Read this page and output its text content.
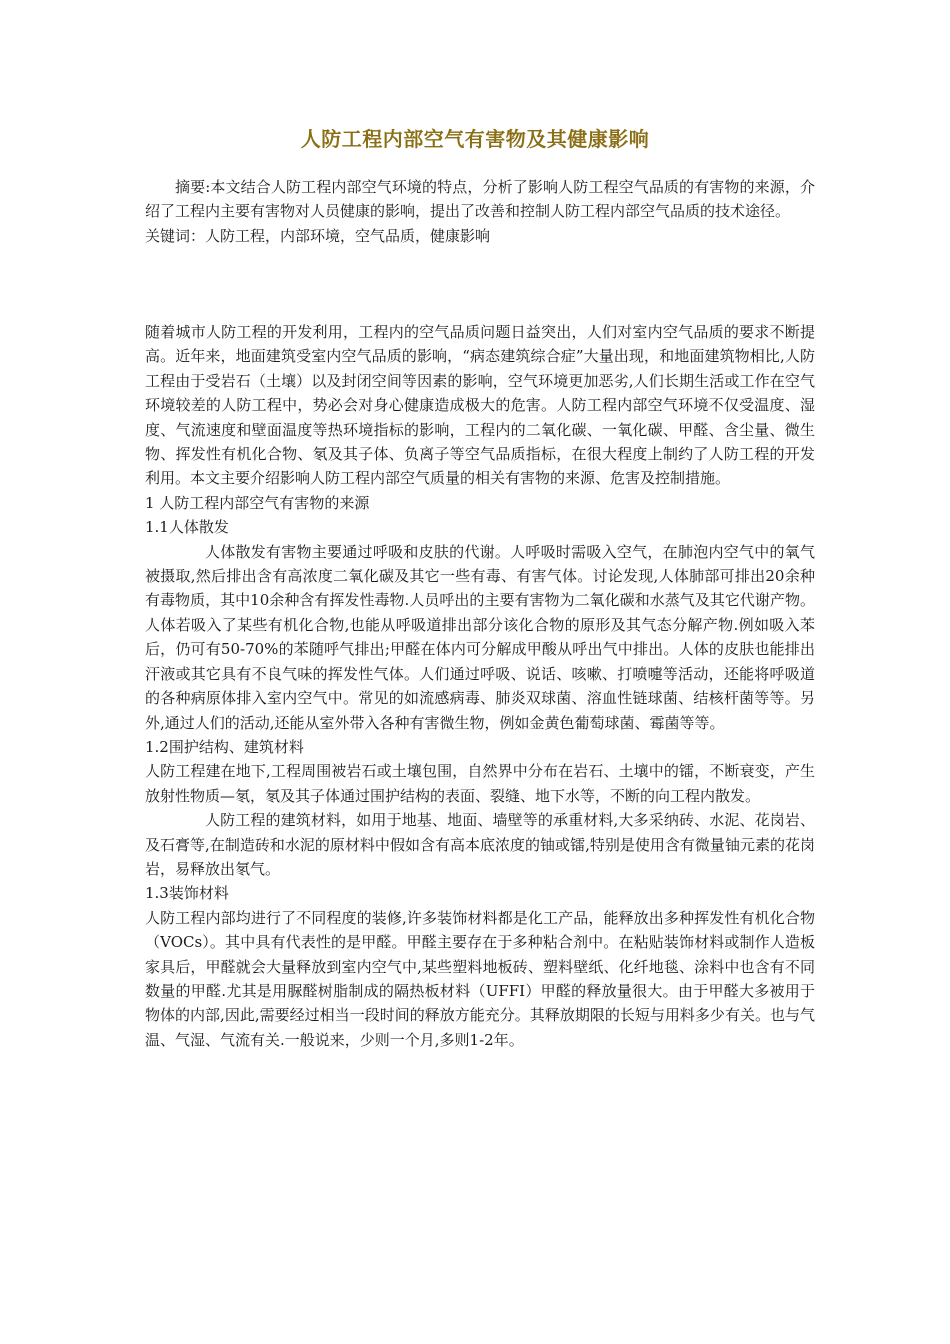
人防工程内部空气有害物及其健康影响

摘要:本文结合人防工程内部空气环境的特点，分析了影响人防工程空气品质的有害物的来源，介绍了工程内主要有害物对人员健康的影响，提出了改善和控制人防工程内部空气品质的技术途径。

关键词：人防工程，内部环境，空气品质，健康影响

随着城市人防工程的开发利用，工程内的空气品质问题日益突出，人们对室内空气品质的要求不断提高。近年来，地面建筑受室内空气品质的影响，“病态建筑综合症”大量出现，和地面建筑物相比,人防工程由于受岩石（土壤）以及封闭空间等因素的影响，空气环境更加恶劣,人们长期生活或工作在空气环境较差的人防工程中，势必会对身心健康造成极大的危害。人防工程内部空气环境不仅受温度、湿度、气流速度和壁面温度等热环境指标的影响，工程内的二氧化碳、一氧化碳、甲醛、含尘量、微生物、挥发性有机化合物、氡及其子体、负离子等空气品质指标，在很大程度上制约了人防工程的开发利用。本文主要介绍影响人防工程内部空气质量的相关有害物的来源、危害及控制措施。

1 人防工程内部空气有害物的来源
1.1人体散发

人体散发有害物主要通过呼吸和皮肤的代谢。人呼吸时需吸入空气，在肺泡内空气中的氧气被摄取,然后排出含有高浓度二氧化碳及其它一些有毒、有害气体。讨论发现,人体肺部可排出20余种有毒物质，其中10余种含有挥发性毒物.人员呼出的主要有害物为二氧化碳和水蒸气及其它代谢产物。人体若吸入了某些有机化合物,也能从呼吸道排出部分该化合物的原形及其气态分解产物.例如吸入苯后，仍可有50-70%的苯随呼气排出;甲醛在体内可分解成甲酸从呼出气中排出。人体的皮肤也能排出汗液或其它具有不良气味的挥发性气体。人们通过呼吸、说话、咳嗽、打喷嚏等活动，还能将呼吸道的各种病原体排入室内空气中。常见的如流感病毒、肺炎双球菌、溶血性链球菌、结核杆菌等等。另外,通过人们的活动,还能从室外带入各种有害微生物，例如金黄色葡萄球菌、霉菌等等。

1.2围护结构、建筑材料

人防工程建在地下,工程周围被岩石或土壤包围，自然界中分布在岩石、土壤中的镭，不断衰变，产生放射性物质—氡，氡及其子体通过围护结构的表面、裂缝、地下水等，不断的向工程内散发。

人防工程的建筑材料，如用于地基、地面、墙壁等的承重材料,大多采纳砖、水泥、花岗岩、及石膏等,在制造砖和水泥的原材料中假如含有高本底浓度的铀或镭,特别是使用含有微量铀元素的花岗岩，易释放出氡气。

1.3装饰材料

人防工程内部均进行了不同程度的装修,许多装饰材料都是化工产品，能释放出多种挥发性有机化合物（VOCs）。其中具有代表性的是甲醛。甲醛主要存在于多种粘合剂中。在粘贴装饰材料或制作人造板家具后，甲醛就会大量释放到室内空气中,某些塑料地板砖、塑料壁纸、化纤地毯、涂料中也含有不同数量的甲醛.尤其是用脲醛树脂制成的隔热板材料（UFFI）甲醛的释放量很大。由于甲醛大多被用于物体的内部,因此,需要经过相当一段时间的释放方能充分。其释放期限的长短与用料多少有关。也与气温、气湿、气流有关.一般说来，少则一个月,多则1-2年。
